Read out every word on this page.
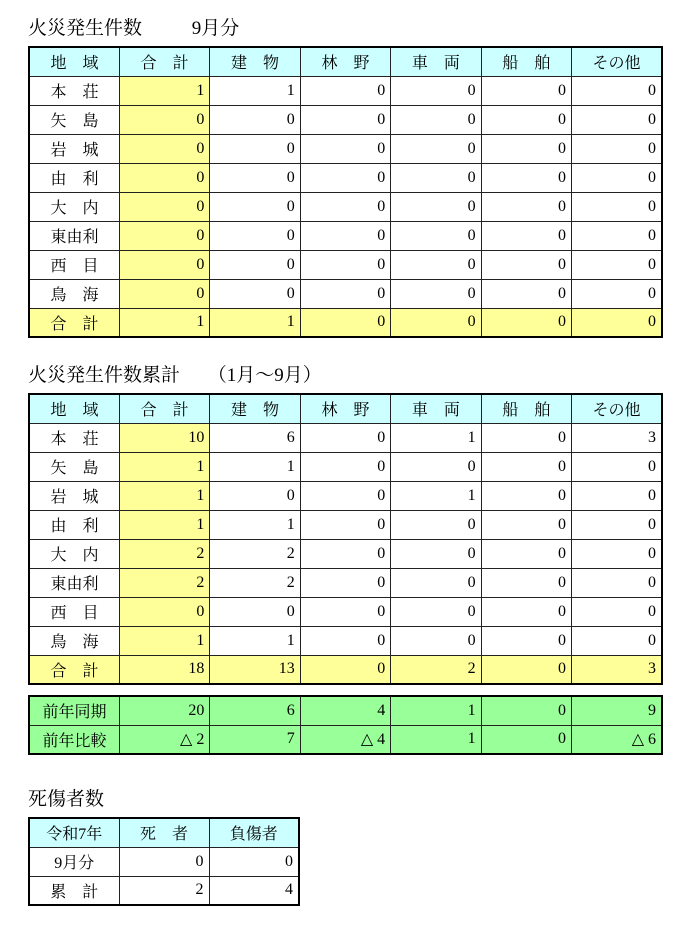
火災発生件数	9月分
地　域	合　計	建　物	林　野	車　両	船　舶	その他
本　荘	1	1	0	0	0	0
矢　島	0	0	0	0	0	0
岩　城	0	0	0	0	0	0
由　利	0	0	0	0	0	0
大　内	0	0	0	0	0	0
東由利	0	0	0	0	0	0
西　目	0	0	0	0	0	0
鳥　海	0	0	0	0	0	0
合　計	1	1	0	0	0	0
火災発生件数累計 （1月～9月）
地　域	合　計	建　物	林　野	車　両	船　舶	その他
本　荘	10	6	0	1	0	3
矢　島	1	1	0	0	0	0
岩　城	1	0	0	1	0	0
由　利	1	1	0	0	0	0
大　内	2	2	0	0	0	0
東由利	2	2	0	0	0	0
西　目	0	0	0	0	0	0
鳥　海	1	1	0	0	0	0
合　計	18	13	0	2	0	3
前年同期	20	6	4	1	0	9
前年比較	△ 2	7	△ 4	1	0	△ 6
死傷者数
令和7年	死　者	負傷者
9月分	0	0
累　計	2	4
